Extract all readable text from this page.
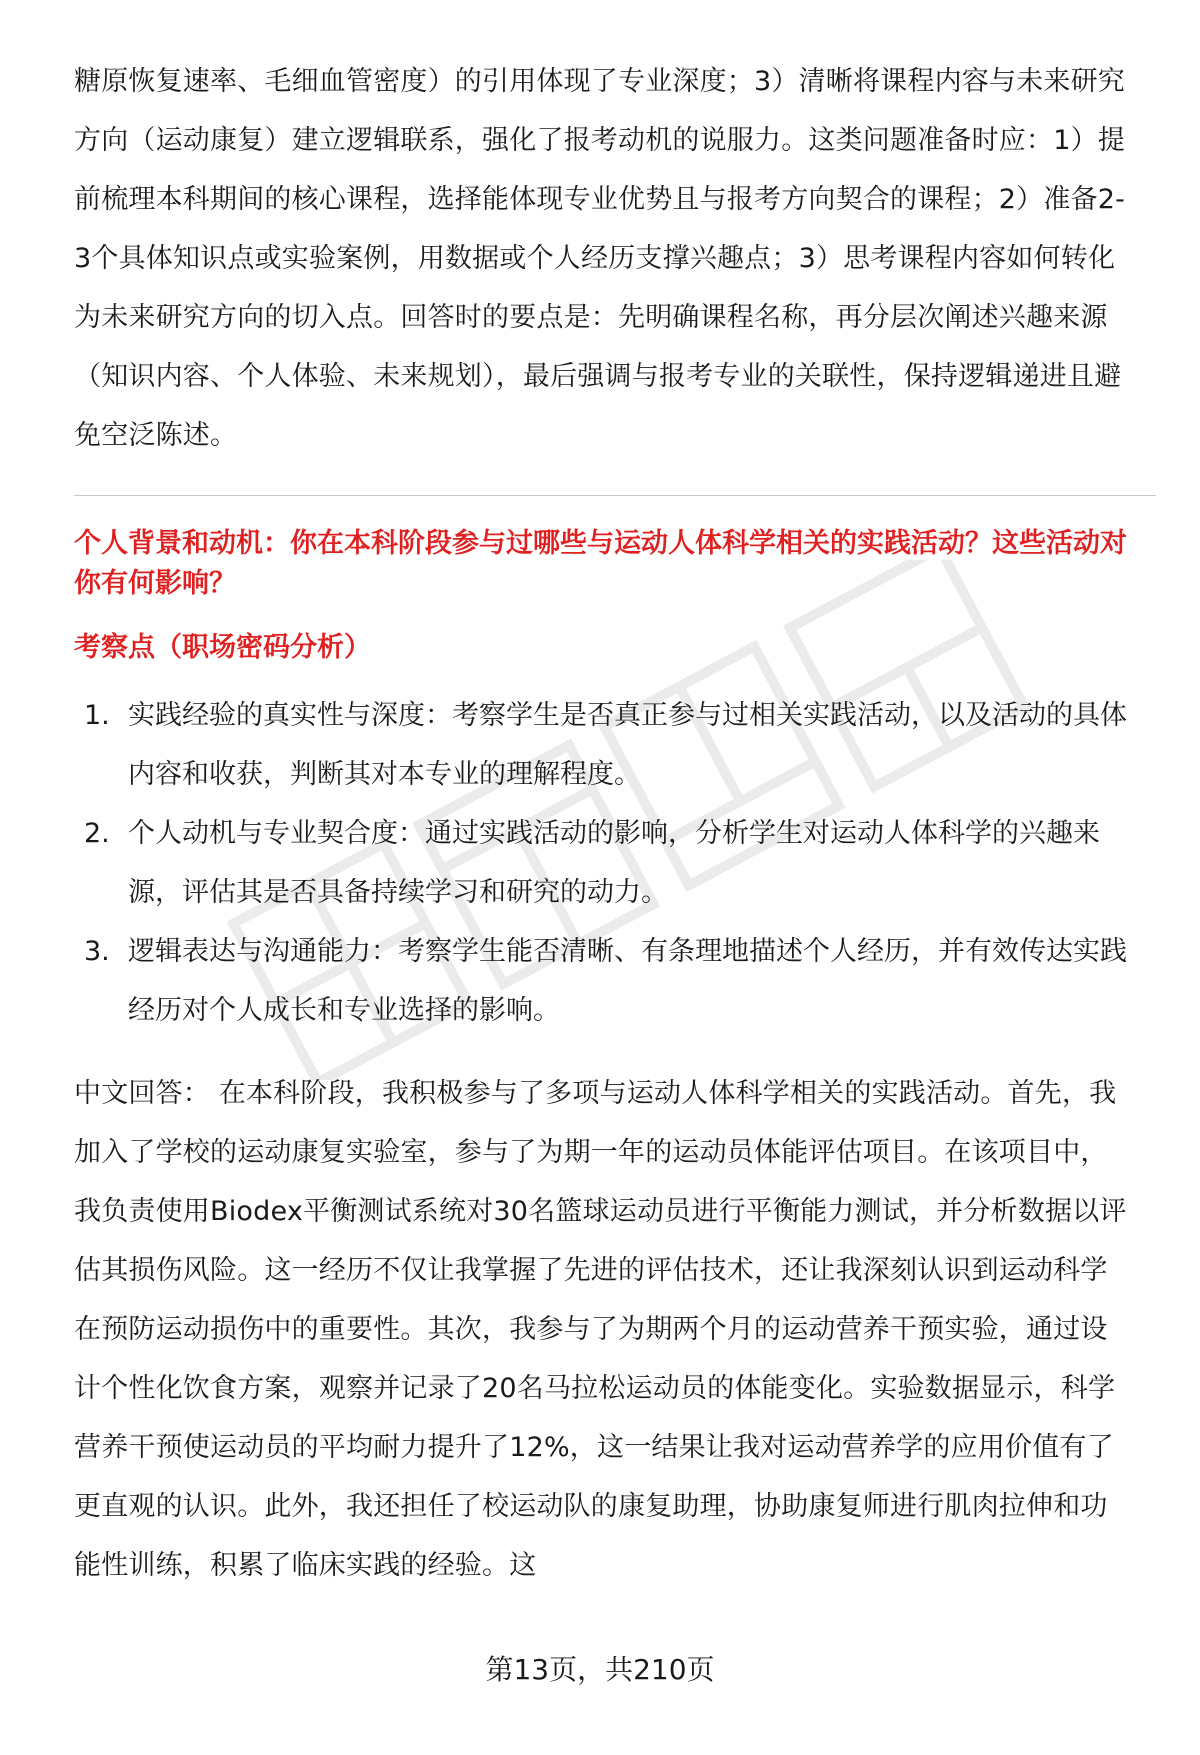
糖原恢复速率、毛细血管密度）的引用体现了专业深度；3）清晰将课程内容与未来研究方向（运动康复）建立逻辑联系，强化了报考动机的说服力。这类问题准备时应：1）提前梳理本科期间的核心课程，选择能体现专业优势且与报考方向契合的课程；2）准备2-3个具体知识点或实验案例，用数据或个人经历支撑兴趣点；3）思考课程内容如何转化为未来研究方向的切入点。回答时的要点是：先明确课程名称，再分层次阐述兴趣来源（知识内容、个人体验、未来规划），最后强调与报考专业的关联性，保持逻辑递进且避免空泛陈述。

个人背景和动机：你在本科阶段参与过哪些与运动人体科学相关的实践活动？这些活动对你有何影响？

考察点（职场密码分析）

1. 实践经验的真实性与深度：考察学生是否真正参与过相关实践活动，以及活动的具体内容和收获，判断其对本专业的理解程度。
2. 个人动机与专业契合度：通过实践活动的影响，分析学生对运动人体科学的兴趣来源，评估其是否具备持续学习和研究的动力。
3. 逻辑表达与沟通能力：考察学生能否清晰、有条理地描述个人经历，并有效传达实践经历对个人成长和专业选择的影响。

中文回答： 在本科阶段，我积极参与了多项与运动人体科学相关的实践活动。首先，我加入了学校的运动康复实验室，参与了为期一年的运动员体能评估项目。在该项目中，我负责使用Biodex平衡测试系统对30名篮球运动员进行平衡能力测试，并分析数据以评估其损伤风险。这一经历不仅让我掌握了先进的评估技术，还让我深刻认识到运动科学在预防运动损伤中的重要性。其次，我参与了为期两个月的运动营养干预实验，通过设计个性化饮食方案，观察并记录了20名马拉松运动员的体能变化。实验数据显示，科学营养干预使运动员的平均耐力提升了12%，这一结果让我对运动营养学的应用价值有了更直观的认识。此外，我还担任了校运动队的康复助理，协助康复师进行肌肉拉伸和功能性训练，积累了临床实践的经验。这

第13页，共210页
